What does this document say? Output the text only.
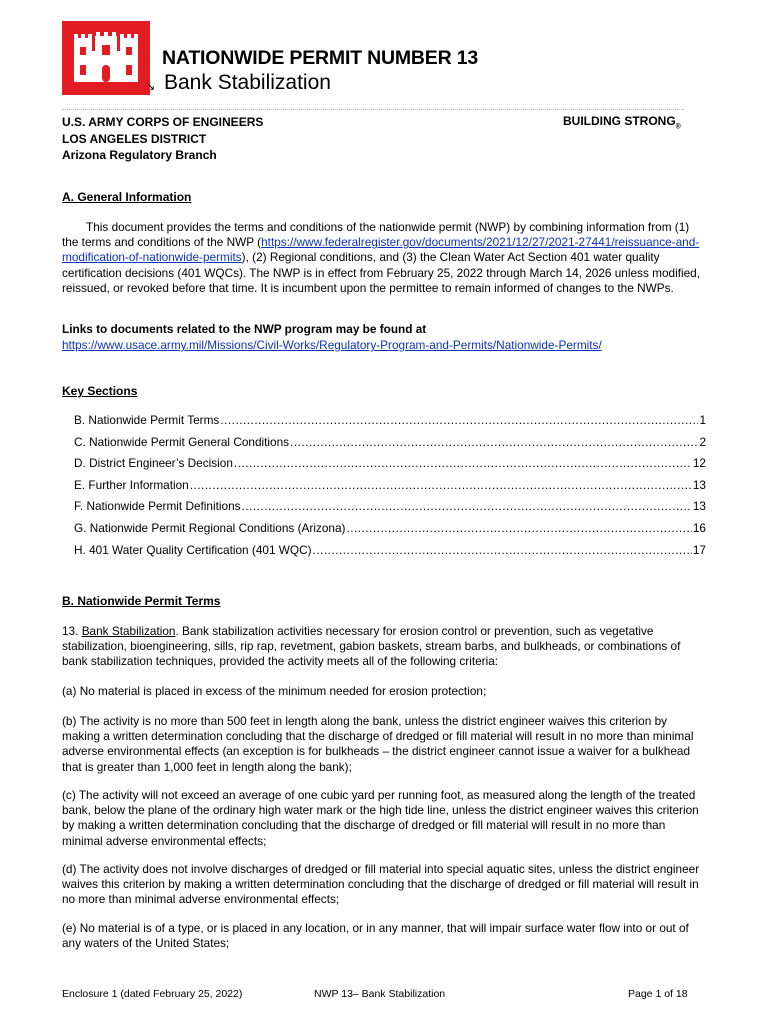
NATIONWIDE PERMIT NUMBER 13
↘ Bank Stabilization
U.S. ARMY CORPS OF ENGINEERS
LOS ANGELES DISTRICT
Arizona Regulatory Branch
BUILDING $STRONG_®$
A. General Information
This document provides the terms and conditions of the nationwide permit (NWP) by combining information from (1) the terms and conditions of the NWP (https://www.federalregister.gov/documents/2021/12/27/2021-27441/reissuance-and-modification-of-nationwide-permits), (2) Regional conditions, and (3) the Clean Water Act Section 401 water quality certification decisions (401 WQCs). The NWP is in effect from February 25, 2022 through March 14, 2026 unless modified, reissued, or revoked before that time. It is incumbent upon the permittee to remain informed of changes to the NWPs.
Links to documents related to the NWP program may be found at
https://www.usace.army.mil/Missions/Civil-Works/Regulatory-Program-and-Permits/Nationwide-Permits/
Key Sections
B. Nationwide Permit Terms .....	1
C. Nationwide Permit General Conditions .....	2
D. District Engineer’s Decision .....	12
E. Further Information .....	13
F. Nationwide Permit Definitions .....	13
G. Nationwide Permit Regional Conditions (Arizona) .....	16
H. 401 Water Quality Certification (401 WQC) .....	17
B. Nationwide Permit Terms
13. Bank Stabilization. Bank stabilization activities necessary for erosion control or prevention, such as vegetative stabilization, bioengineering, sills, rip rap, revetment, gabion baskets, stream barbs, and bulkheads, or combinations of bank stabilization techniques, provided the activity meets all of the following criteria:
(a) No material is placed in excess of the minimum needed for erosion protection;
(b) The activity is no more than 500 feet in length along the bank, unless the district engineer waives this criterion by making a written determination concluding that the discharge of dredged or fill material will result in no more than minimal adverse environmental effects (an exception is for bulkheads – the district engineer cannot issue a waiver for a bulkhead that is greater than 1,000 feet in length along the bank);
(c) The activity will not exceed an average of one cubic yard per running foot, as measured along the length of the treated bank, below the plane of the ordinary high water mark or the high tide line, unless the district engineer waives this criterion by making a written determination concluding that the discharge of dredged or fill material will result in no more than minimal adverse environmental effects;
(d) The activity does not involve discharges of dredged or fill material into special aquatic sites, unless the district engineer waives this criterion by making a written determination concluding that the discharge of dredged or fill material will result in no more than minimal adverse environmental effects;
(e) No material is of a type, or is placed in any location, or in any manner, that will impair surface water flow into or out of any waters of the United States;
Enclosure 1 (dated February 25, 2022)	NWP 13– Bank Stabilization	Page 1 of 18
